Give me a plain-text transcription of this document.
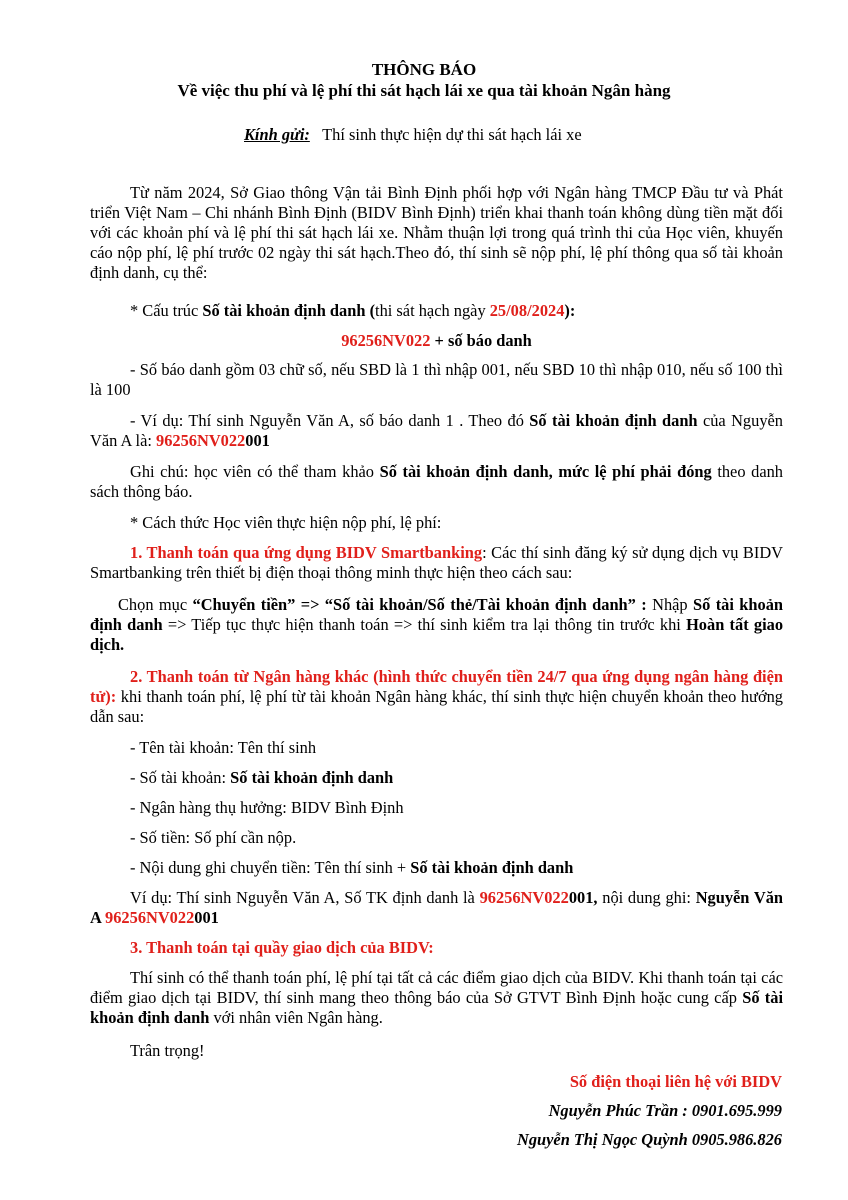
THÔNG BÁO
Về việc thu phí và lệ phí thi sát hạch lái xe qua tài khoản Ngân hàng
Kính gửi: Thí sinh thực hiện dự thi sát hạch lái xe
Từ năm 2024, Sở Giao thông Vận tải Bình Định phối hợp với Ngân hàng TMCP Đầu tư và Phát triển Việt Nam – Chi nhánh Bình Định (BIDV Bình Định) triển khai thanh toán không dùng tiền mặt đối với các khoản phí và lệ phí thi sát hạch lái xe. Nhằm thuận lợi trong quá trình thi của Học viên, khuyến cáo nộp phí, lệ phí trước 02 ngày thi sát hạch.Theo đó, thí sinh sẽ nộp phí, lệ phí thông qua số tài khoản định danh, cụ thể:
* Cấu trúc Số tài khoản định danh (thi sát hạch ngày 25/08/2024):
96256NV022 + số báo danh
- Số báo danh gồm 03 chữ số, nếu SBD là 1 thì nhập 001, nếu SBD 10 thì nhập 010, nếu số 100 thì là 100
- Ví dụ: Thí sinh Nguyễn Văn A, số báo danh 1 . Theo đó Số tài khoản định danh của Nguyễn Văn A là: 96256NV022001
Ghi chú: học viên có thể tham khảo Số tài khoản định danh, mức lệ phí phải đóng theo danh sách thông báo.
* Cách thức Học viên thực hiện nộp phí, lệ phí:
1. Thanh toán qua ứng dụng BIDV Smartbanking: Các thí sinh đăng ký sử dụng dịch vụ BIDV Smartbanking trên thiết bị điện thoại thông minh thực hiện theo cách sau:
Chọn mục “Chuyển tiền” => “Số tài khoản/Số thẻ/Tài khoản định danh” : Nhập Số tài khoản định danh => Tiếp tục thực hiện thanh toán => thí sinh kiểm tra lại thông tin trước khi Hoàn tất giao dịch.
2. Thanh toán từ Ngân hàng khác (hình thức chuyển tiền 24/7 qua ứng dụng ngân hàng điện tử): khi thanh toán phí, lệ phí từ tài khoản Ngân hàng khác, thí sinh thực hiện chuyển khoản theo hướng dẫn sau:
- Tên tài khoản: Tên thí sinh
- Số tài khoản: Số tài khoản định danh
- Ngân hàng thụ hưởng: BIDV Bình Định
- Số tiền: Số phí cần nộp.
- Nội dung ghi chuyển tiền: Tên thí sinh + Số tài khoản định danh
Ví dụ: Thí sinh Nguyễn Văn A, Số TK định danh là 96256NV022001, nội dung ghi: Nguyễn Văn A 96256NV022001
3. Thanh toán tại quầy giao dịch của BIDV:
Thí sinh có thể thanh toán phí, lệ phí tại tất cả các điểm giao dịch của BIDV. Khi thanh toán tại các điểm giao dịch tại BIDV, thí sinh mang theo thông báo của Sở GTVT Bình Định hoặc cung cấp Số tài khoản định danh với nhân viên Ngân hàng.
Trân trọng!
Số điện thoại liên hệ với BIDV
Nguyễn Phúc Trần : 0901.695.999
Nguyễn Thị Ngọc Quỳnh 0905.986.826
